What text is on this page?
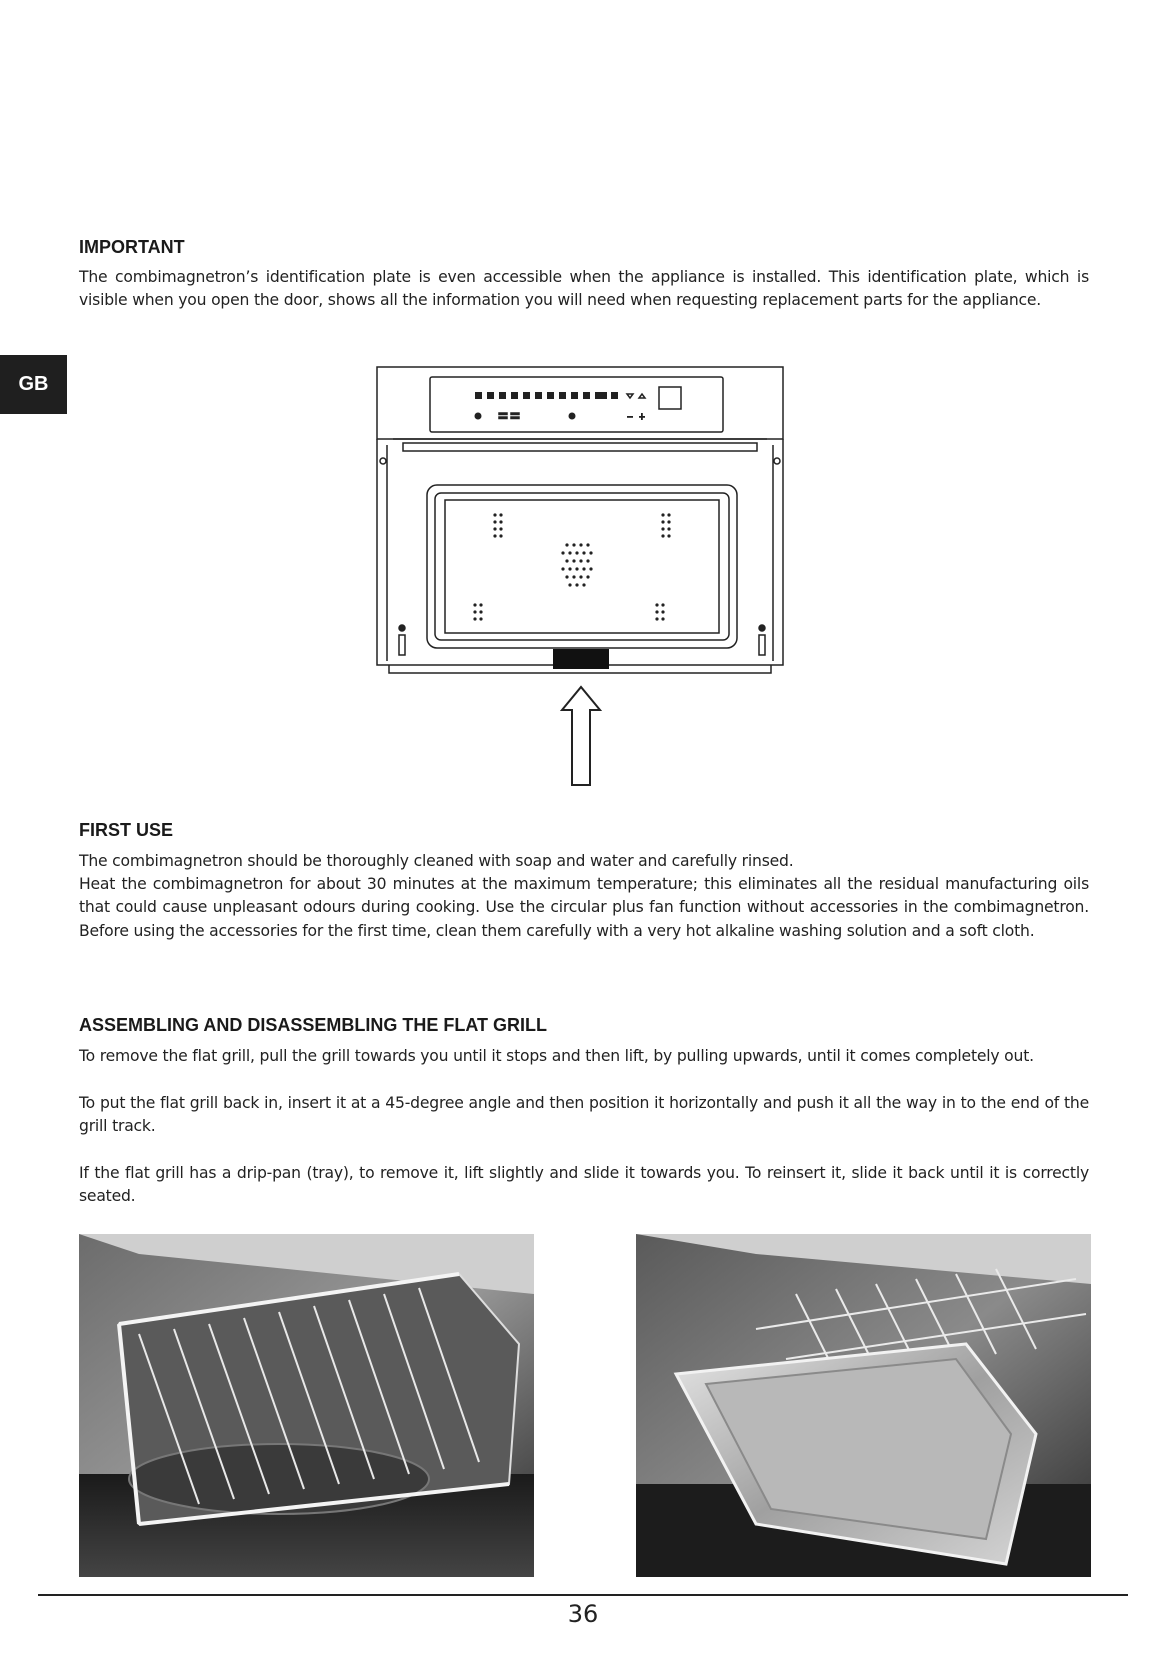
GB
IMPORTANT

The combimagnetron’s identification plate is even accessible when the appliance is installed. This identification plate, which is visible when you open the door, shows all the information you will need when requesting replacement parts for the appliance.

FIRST USE

The combimagnetron should be thoroughly cleaned with soap and water and carefully rinsed.

Heat the combimagnetron for about 30 minutes at the maximum temperature; this eliminates all the residual manufacturing oils that could cause unpleasant odours during cooking. Use the circular plus fan function without accessories in the combimagnetron. Before using the accessories for the first time, clean them carefully with a very hot alkaline washing solution and a soft cloth.

ASSEMBLING AND DISASSEMBLING THE FLAT GRILL

To remove the flat grill, pull the grill towards you until it stops and then lift, by pulling upwards, until it comes completely out.

To put the flat grill back in, insert it at a 45-degree angle and then position it horizontally and push it all the way in to the end of the grill track.

If the flat grill has a drip-pan (tray), to remove it, lift slightly and slide it towards you. To reinsert it, slide it back until it is correctly seated.

36
